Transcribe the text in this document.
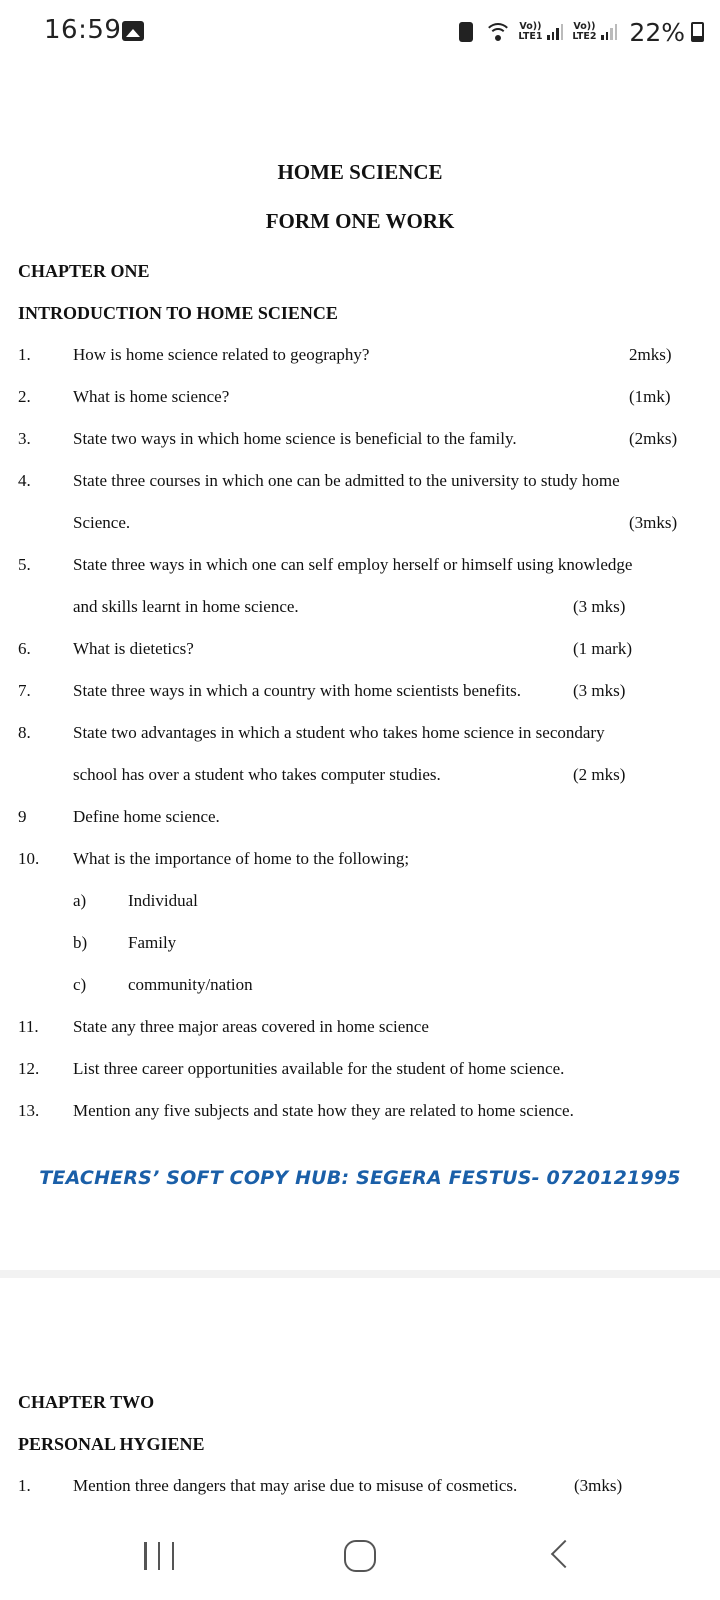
16:59	Vo)) LTE1
Vo)) LTE2 22%
HOME SCIENCE
FORM ONE WORK
CHAPTER ONE
INTRODUCTION TO HOME SCIENCE
1. How is home science related to geography?	2mks)
2. What is home science?	(1mk)
3. State two ways in which home science is beneficial to the family.	(2mks)
4. State three courses in which one can be admitted to the university to study home
Science.	(3mks)
5. State three ways in which one can self employ herself or himself using knowledge
and skills learnt in home science.	(3 mks)
6. What is dietetics?	(1 mark)
7. State three ways in which a country with home scientists benefits.	(3 mks)
8. State two advantages in which a student who takes home science in secondary
school has over a student who takes computer studies.	(2 mks)
9	Define home science.
10. What is the importance of home to the following;
a) Individual
b) Family
c) community/nation
11. State any three major areas covered in home science
12. List three career opportunities available for the student of home science.
13. Mention any five subjects and state how they are related to home science.
TEACHERS’ SOFT COPY HUB: SEGERA FESTUS- 0720121995
CHAPTER TWO
PERSONAL HYGIENE
1. Mention three dangers that may arise due to misuse of cosmetics.	(3mks)
